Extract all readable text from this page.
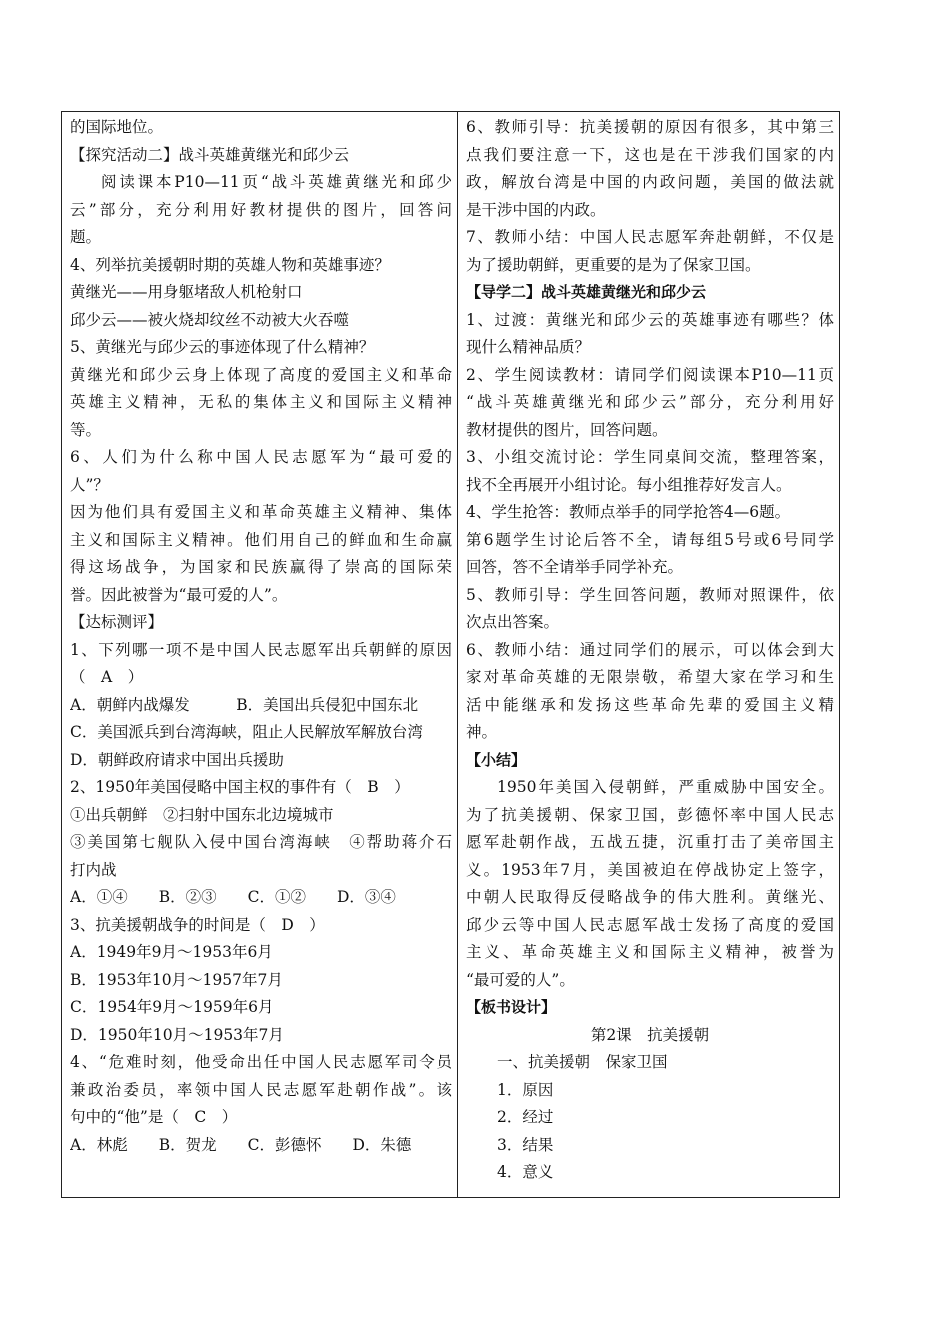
的国际地位。
【探究活动二】战斗英雄黄继光和邱少云
阅读课本P10—11页“战斗英雄黄继光和邱少
云”部分，充分利用好教材提供的图片，回答问
题。
4、列举抗美援朝时期的英雄人物和英雄事迹？
黄继光——用身躯堵敌人机枪射口
邱少云——被火烧却纹丝不动被大火吞噬
5、黄继光与邱少云的事迹体现了什么精神？
黄继光和邱少云身上体现了高度的爱国主义和革命
英雄主义精神，无私的集体主义和国际主义精神
等。
6、人们为什么称中国人民志愿军为“最可爱的
人”？
因为他们具有爱国主义和革命英雄主义精神、集体
主义和国际主义精神。他们用自己的鲜血和生命赢
得这场战争，为国家和民族赢得了崇高的国际荣
誉。因此被誉为“最可爱的人”。
【达标测评】
1、下列哪一项不是中国人民志愿军出兵朝鲜的原因
（　A　）
A．朝鲜内战爆发　　　B．美国出兵侵犯中国东北
C．美国派兵到台湾海峡，阻止人民解放军解放台湾
D．朝鲜政府请求中国出兵援助
2、1950年美国侵略中国主权的事件有（　B　）
①出兵朝鲜　②扫射中国东北边境城市
③美国第七舰队入侵中国台湾海峡　④帮助蒋介石
打内战
A．①④　　B．②③　　C．①②　　D．③④
3、抗美援朝战争的时间是（　D　）
A．1949年9月～1953年6月
B．1953年10月～1957年7月
C．1954年9月～1959年6月
D．1950年10月～1953年7月
4、“危难时刻，他受命出任中国人民志愿军司令员
兼政治委员，率领中国人民志愿军赴朝作战”。该
句中的“他”是（　C　）
A．林彪　　B．贺龙　　C．彭德怀　　D．朱德
6、教师引导：抗美援朝的原因有很多，其中第三
点我们要注意一下，这也是在干涉我们国家的内
政，解放台湾是中国的内政问题，美国的做法就
是干涉中国的内政。
7、教师小结：中国人民志愿军奔赴朝鲜，不仅是
为了援助朝鲜，更重要的是为了保家卫国。
【导学二】战斗英雄黄继光和邱少云
1、过渡：黄继光和邱少云的英雄事迹有哪些？体
现什么精神品质？
2、学生阅读教材：请同学们阅读课本P10—11页
“战斗英雄黄继光和邱少云”部分，充分利用好
教材提供的图片，回答问题。
3、小组交流讨论：学生同桌间交流，整理答案，
找不全再展开小组讨论。每小组推荐好发言人。
4、学生抢答：教师点举手的同学抢答4—6题。
第6题学生讨论后答不全，请每组5号或6号同学
回答，答不全请举手同学补充。
5、教师引导：学生回答问题，教师对照课件，依
次点出答案。
6、教师小结：通过同学们的展示，可以体会到大
家对革命英雄的无限崇敬，希望大家在学习和生
活中能继承和发扬这些革命先辈的爱国主义精
神。
【小结】
1950年美国入侵朝鲜，严重威胁中国安全。
为了抗美援朝、保家卫国，彭德怀率中国人民志
愿军赴朝作战，五战五捷，沉重打击了美帝国主
义。1953年7月，美国被迫在停战协定上签字，
中朝人民取得反侵略战争的伟大胜利。黄继光、
邱少云等中国人民志愿军战士发扬了高度的爱国
主义、革命英雄主义和国际主义精神，被誉为
“最可爱的人”。
【板书设计】
第2课　抗美援朝
一、抗美援朝　保家卫国
1．原因
2．经过
3．结果
4．意义
